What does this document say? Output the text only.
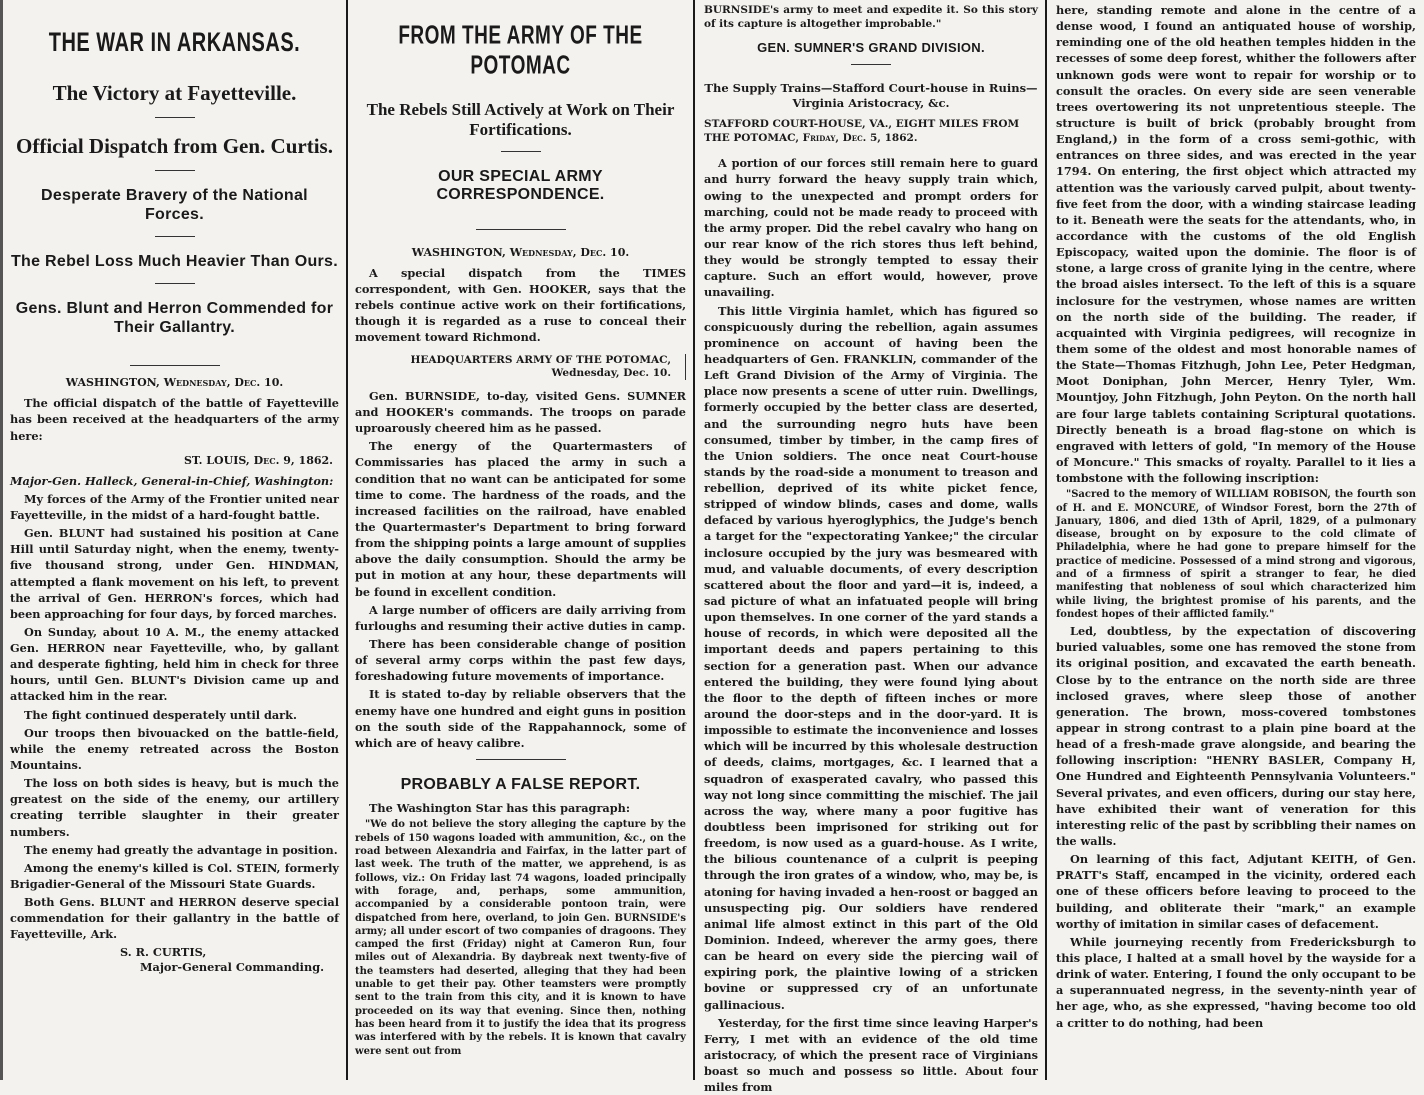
THE WAR IN ARKANSAS.
The Victory at Fayetteville.
Official Dispatch from Gen. Curtis.
Desperate Bravery of the National Forces.
The Rebel Loss Much Heavier Than Ours.
Gens. Blunt and Herron Commended for Their Gallantry.
WASHINGTON, Wednesday, Dec. 10.

The official dispatch of the battle of Fayetteville has been received at the headquarters of the army here:

ST. LOUIS, Dec. 9, 1862.

Major-Gen. Halleck, General-in-Chief, Washington:

My forces of the Army of the Frontier united near Fayetteville, in the midst of a hard-fought battle.

Gen. BLUNT had sustained his position at Cane Hill until Saturday night, when the enemy, twenty-five thousand strong, under Gen. HINDMAN, attempted a flank movement on his left, to prevent the arrival of Gen. HERRON's forces, which had been approaching for four days, by forced marches.

On Sunday, about 10 A. M., the enemy attacked Gen. HERRON near Fayetteville, who, by gallant and desperate fighting, held him in check for three hours, until Gen. BLUNT's Division came up and attacked him in the rear.

The fight continued desperately until dark.

Our troops then bivouacked on the battle-field, while the enemy retreated across the Boston Mountains.

The loss on both sides is heavy, but is much the greatest on the side of the enemy, our artillery creating terrible slaughter in their greater numbers.

The enemy had greatly the advantage in position.

Among the enemy's killed is Col. STEIN, formerly Brigadier-General of the Missouri State Guards.

Both Gens. BLUNT and HERRON deserve special commendation for their gallantry in the battle of Fayetteville, Ark.

S. R. CURTIS,
Major-General Commanding.
FROM THE ARMY OF THE POTOMAC
The Rebels Still Actively at Work on Their Fortifications.
OUR SPECIAL ARMY CORRESPONDENCE.
WASHINGTON, Wednesday, Dec. 10.

A special dispatch from the TIMES correspondent, with Gen. HOOKER, says that the rebels continue active work on their fortifications, though it is regarded as a ruse to conceal their movement toward Richmond.

HEADQUARTERS ARMY OF THE POTOMAC,
Wednesday, Dec. 10.

Gen. BURNSIDE, to-day, visited Gens. SUMNER and HOOKER's commands. The troops on parade uproarously cheered him as he passed.

The energy of the Quartermasters of Commissaries has placed the army in such a condition that no want can be anticipated for some time to come. The hardness of the roads, and the increased facilities on the railroad, have enabled the Quartermaster's Department to bring forward from the shipping points a large amount of supplies above the daily consumption. Should the army be put in motion at any hour, these departments will be found in excellent condition.

A large number of officers are daily arriving from furloughs and resuming their active duties in camp.

There has been considerable change of position of several army corps within the past few days, foreshadowing future movements of importance.

It is stated to-day by reliable observers that the enemy have one hundred and eight guns in position on the south side of the Rappahannock, some of which are of heavy calibre.

PROBABLY A FALSE REPORT.

The Washington Star has this paragraph:

"We do not believe the story alleging the capture by the rebels of 150 wagons loaded with ammunition, &c., on the road between Alexandria and Fairfax, in the latter part of last week. The truth of the matter, we apprehend, is as follows, viz.: On Friday last 74 wagons, loaded principally with forage, and, perhaps, some ammunition, accompanied by a considerable pontoon train, were dispatched from here, overland, to join Gen. BURNSIDE's army; all under escort of two companies of dragoons. They camped the first (Friday) night at Cameron Run, four miles out of Alexandria. By daybreak next twenty-five of the teamsters had deserted, alleging that they had been unable to get their pay. Other teamsters were promptly sent to the train from this city, and it is known to have proceeded on its way that evening. Since then, nothing has been heard from it to justify the idea that its progress was interfered with by the rebels. It is known that cavalry were sent out from

BURNSIDE's army to meet and expedite it. So this story of its capture is altogether improbable."
GEN. SUMNER'S GRAND DIVISION.
The Supply Trains—Stafford Court-house in Ruins—Virginia Aristocracy, &c.
STAFFORD COURT-HOUSE, VA., EIGHT MILES FROM THE POTOMAC, Friday, Dec. 5, 1862.

A portion of our forces still remain here to guard and hurry forward the heavy supply train which, owing to the unexpected and prompt orders for marching, could not be made ready to proceed with the army proper. Did the rebel cavalry who hang on our rear know of the rich stores thus left behind, they would be strongly tempted to essay their capture. Such an effort would, however, prove unavailing.

This little Virginia hamlet, which has figured so conspicuously during the rebellion, again assumes prominence on account of having been the headquarters of Gen. FRANKLIN, commander of the Left Grand Division of the Army of Virginia. The place now presents a scene of utter ruin. Dwellings, formerly occupied by the better class are deserted, and the surrounding negro huts have been consumed, timber by timber, in the camp fires of the Union soldiers. The once neat Court-house stands by the road-side a monument to treason and rebellion, deprived of its white picket fence, stripped of window blinds, cases and dome, walls defaced by various hyeroglyphics, the Judge's bench a target for the "expectorating Yankee;" the circular inclosure occupied by the jury was besmeared with mud, and valuable documents, of every description scattered about the floor and yard—it is, indeed, a sad picture of what an infatuated people will bring upon themselves. In one corner of the yard stands a house of records, in which were deposited all the important deeds and papers pertaining to this section for a generation past. When our advance entered the building, they were found lying about the floor to the depth of fifteen inches or more around the door-steps and in the door-yard. It is impossible to estimate the inconvenience and losses which will be incurred by this wholesale destruction of deeds, claims, mortgages, &c. I learned that a squadron of exasperated cavalry, who passed this way not long since committing the mischief. The jail across the way, where many a poor fugitive has doubtless been imprisoned for striking out for freedom, is now used as a guard-house. As I write, the bilious countenance of a culprit is peeping through the iron grates of a window, who, may be, is atoning for having invaded a hen-roost or bagged an unsuspecting pig. Our soldiers have rendered animal life almost extinct in this part of the Old Dominion. Indeed, wherever the army goes, there can be heard on every side the piercing wail of expiring pork, the plaintive lowing of a stricken bovine or suppressed cry of an unfortunate gallinacious.

Yesterday, for the first time since leaving Harper's Ferry, I met with an evidence of the old time aristocracy, of which the present race of Virginians boast so much and possess so little. About four miles from

here, standing remote and alone in the centre of a dense wood, I found an antiquated house of worship, reminding one of the old heathen temples hidden in the recesses of some deep forest, whither the followers after unknown gods were wont to repair for worship or to consult the oracles. On every side are seen venerable trees overtowering its not unpretentious steeple. The structure is built of brick (probably brought from England,) in the form of a cross semi-gothic, with entrances on three sides, and was erected in the year 1794. On entering, the first object which attracted my attention was the variously carved pulpit, about twenty-five feet from the door, with a winding staircase leading to it. Beneath were the seats for the attendants, who, in accordance with the customs of the old English Episcopacy, waited upon the dominie. The floor is of stone, a large cross of granite lying in the centre, where the broad aisles intersect. To the left of this is a square inclosure for the vestrymen, whose names are written on the north side of the building. The reader, if acquainted with Virginia pedigrees, will recognize in them some of the oldest and most honorable names of the State—Thomas Fitzhugh, John Lee, Peter Hedgman, Moot Doniphan, John Mercer, Henry Tyler, Wm. Mountjoy, John Fitzhugh, John Peyton. On the north hall are four large tablets containing Scriptural quotations. Directly beneath is a broad flag-stone on which is engraved with letters of gold, "In memory of the House of Moncure." This smacks of royalty. Parallel to it lies a tombstone with the following inscription:

"Sacred to the memory of WILLIAM ROBISON, the fourth son of H. and E. MONCURE, of Windsor Forest, born the 27th of January, 1806, and died 13th of April, 1829, of a pulmonary disease, brought on by exposure to the cold climate of Philadelphia, where he had gone to prepare himself for the practice of medicine. Possessed of a mind strong and vigorous, and of a firmness of spirit a stranger to fear, he died manifesting that nobleness of soul which characterized him while living, the brightest promise of his parents, and the fondest hopes of their afflicted family."

Led, doubtless, by the expectation of discovering buried valuables, some one has removed the stone from its original position, and excavated the earth beneath. Close by to the entrance on the north side are three inclosed graves, where sleep those of another generation. The brown, moss-covered tombstones appear in strong contrast to a plain pine board at the head of a fresh-made grave alongside, and bearing the following inscription: "HENRY BASLER, Company H, One Hundred and Eighteenth Pennsylvania Volunteers." Several privates, and even officers, during our stay here, have exhibited their want of veneration for this interesting relic of the past by scribbling their names on the walls.

On learning of this fact, Adjutant KEITH, of Gen. PRATT's Staff, encamped in the vicinity, ordered each one of these officers before leaving to proceed to the building, and obliterate their "mark," an example worthy of imitation in similar cases of defacement.

While journeying recently from Fredericksburgh to this place, I halted at a small hovel by the wayside for a drink of water. Entering, I found the only occupant to be a superannuated negress, in the seventy-ninth year of her age, who, as she expressed, "having become too old a critter to do nothing, had been
